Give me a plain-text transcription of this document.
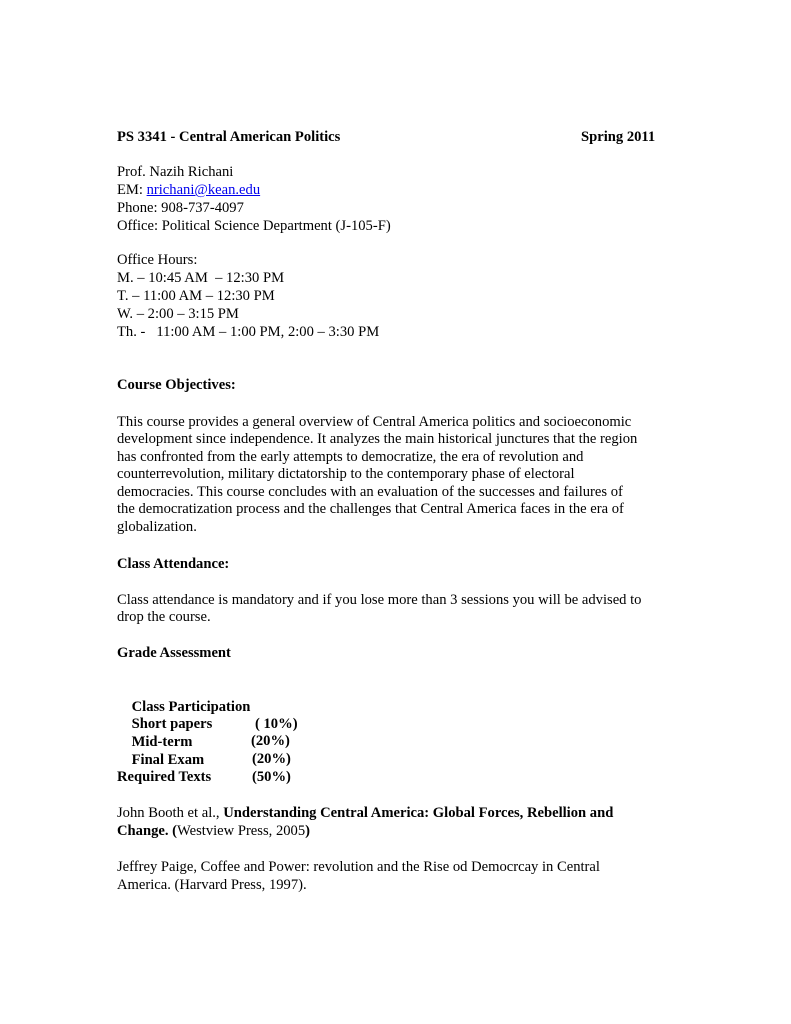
PS 3341 - Central American Politics	Spring 2011
Prof. Nazih Richani
EM: nrichani@kean.edu
Phone: 908-737-4097
Office: Political Science Department (J-105-F)
Office Hours:
M. – 10:45 AM  – 12:30 PM
T. – 11:00 AM – 12:30 PM
W. – 2:00 – 3:15 PM
Th. -   11:00 AM – 1:00 PM, 2:00 – 3:30 PM
Course Objectives:
This course provides a general overview of Central America politics and socioeconomic
development since independence. It analyzes the main historical junctures that the region
has confronted from the early attempts to democratize, the era of revolution and
counterrevolution, military dictatorship to the contemporary phase of electoral
democracies. This course concludes with an evaluation of the successes and failures of
the democratization process and the challenges that Central America faces in the era of
globalization.
Class Attendance:
Class attendance is mandatory and if you lose more than 3 sessions you will be advised to
drop the course.
Grade Assessment

Class Participation

( 10%)

Short papers

(20%)

Mid-term

(20%)

Final Exam

(50%)

Required Texts
John Booth et al., Understanding Central America: Global Forces, Rebellion and
Change. (Westview Press, 2005)
Jeffrey Paige, Coffee and Power: revolution and the Rise od Democrcay in Central
America. (Harvard Press, 1997).
